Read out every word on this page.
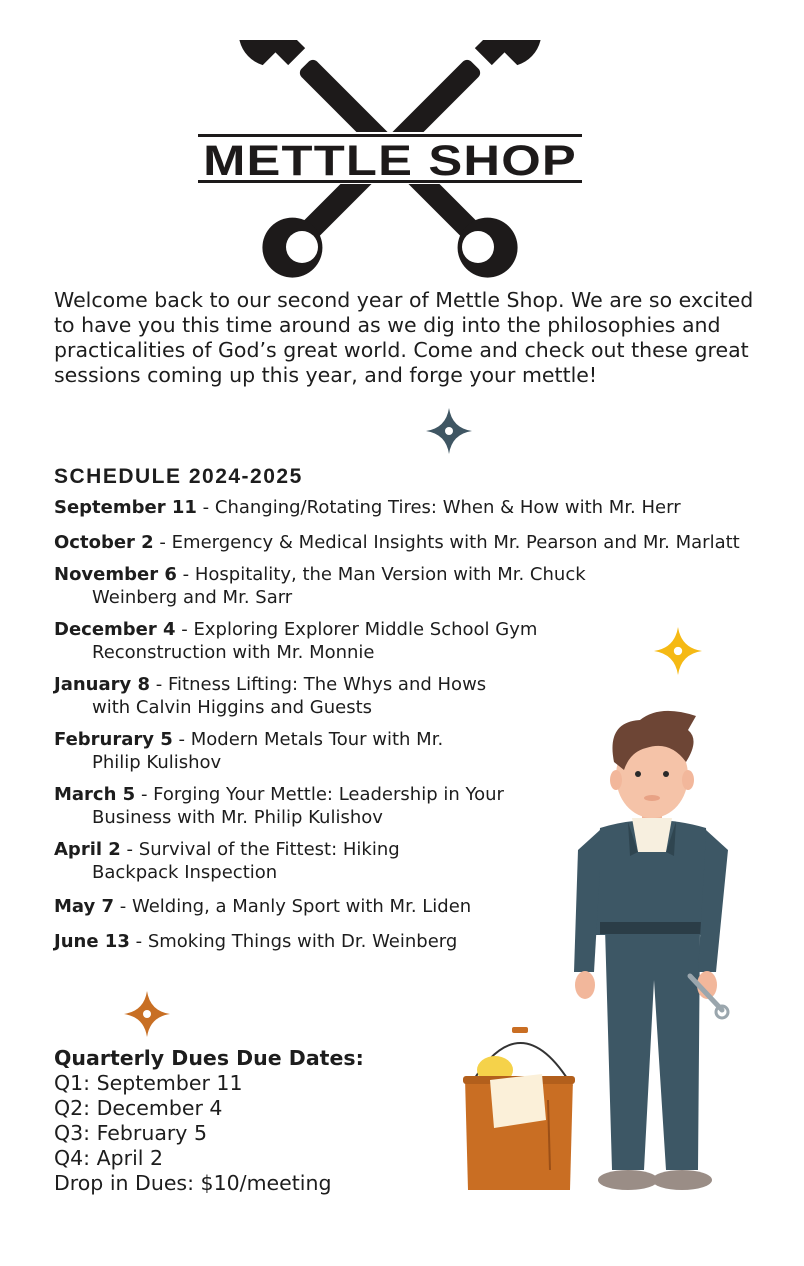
METTLE SHOP

Welcome back to our second year of Mettle Shop. We are so excited to have you this time around as we dig into the philosophies and practicalities of God’s great world. Come and check out these great sessions coming up this year, and forge your mettle!

SCHEDULE 2024-2025
September 11 - Changing/Rotating Tires: When & How with Mr. Herr
October 2 - Emergency & Medical Insights with Mr. Pearson and Mr. Marlatt
November 6 - Hospitality, the Man Version with Mr. Chuck Weinberg and Mr. Sarr
December 4 - Exploring Explorer Middle School Gym Reconstruction with Mr. Monnie
January 8 - Fitness Lifting: The Whys and Hows with Calvin Higgins and Guests
Februrary 5 - Modern Metals Tour with Mr. Philip Kulishov
March 5 - Forging Your Mettle: Leadership in Your Business with Mr. Philip Kulishov
April 2 - Survival of the Fittest: Hiking Backpack Inspection
May 7 - Welding, a Manly Sport with Mr. Liden
June 13 - Smoking Things with Dr. Weinberg
Quarterly Dues Due Dates:
Q1: September 11
Q2: December 4
Q3: February 5
Q4: April 2
Drop in Dues: $10/meeting
